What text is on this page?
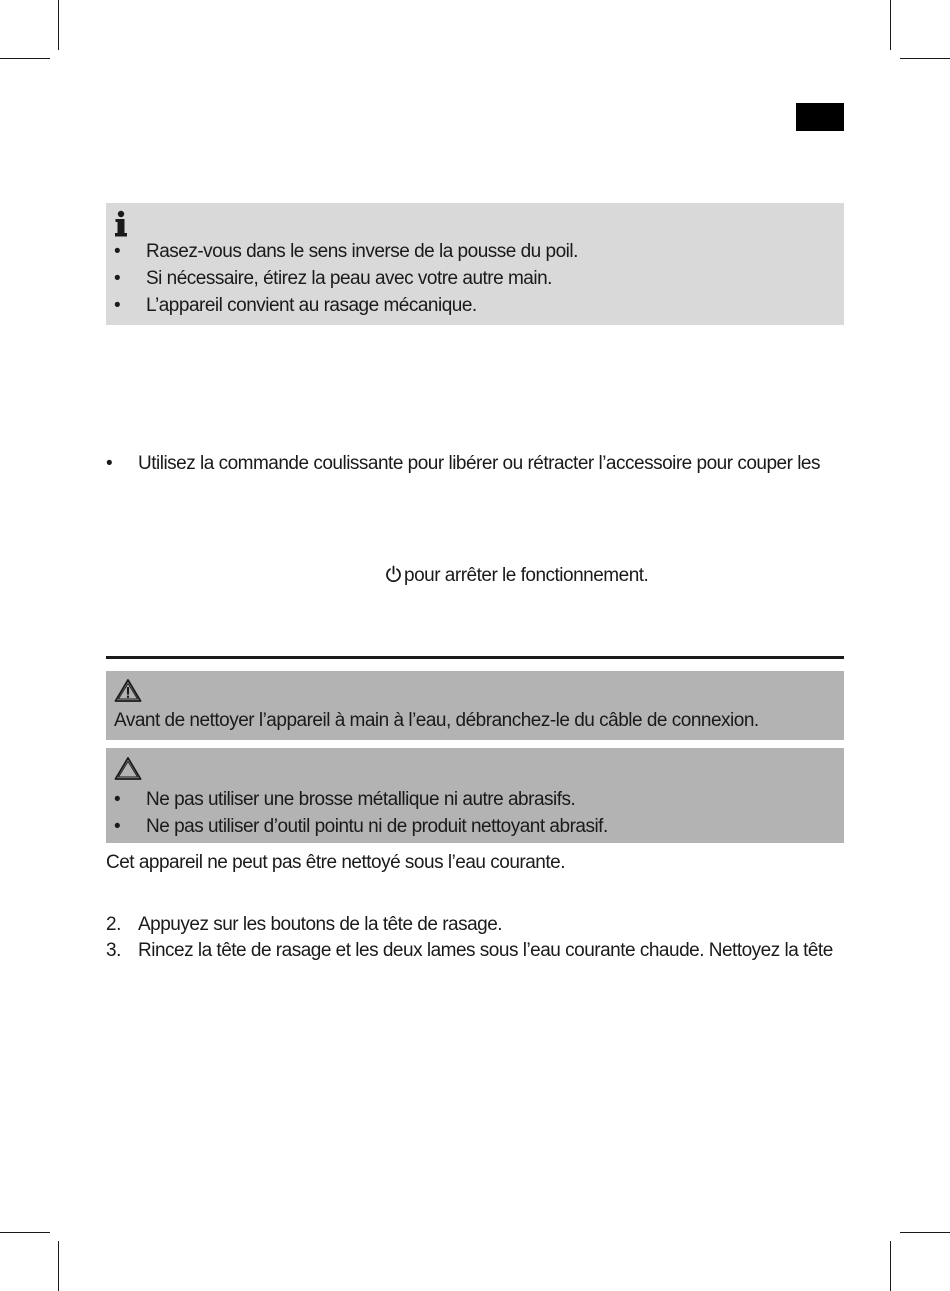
• Rasez-vous dans le sens inverse de la pousse du poil.
• Si nécessaire, étirez la peau avec votre autre main.
• L’appareil convient au rasage mécanique.
• Utilisez la commande coulissante pour libérer ou rétracter l’accessoire pour couper les
pour arrêter le fonctionnement.
Avant de nettoyer l’appareil à main à l’eau, débranchez-le du câble de connexion.
• Ne pas utiliser une brosse métallique ni autre abrasifs.
• Ne pas utiliser d’outil pointu ni de produit nettoyant abrasif.
Cet appareil ne peut pas être nettoyé sous l’eau courante.
2. Appuyez sur les boutons de la tête de rasage.
3. Rincez la tête de rasage et les deux lames sous l’eau courante chaude. Nettoyez la tête
